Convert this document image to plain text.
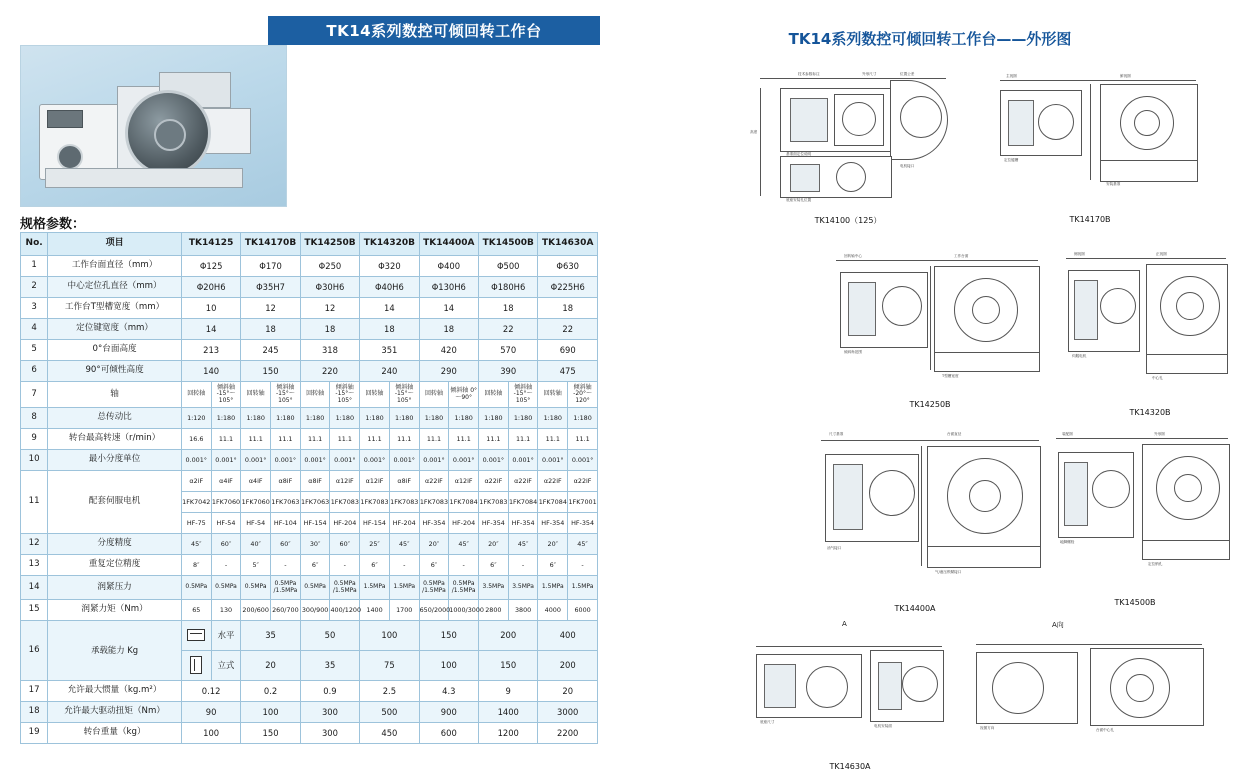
TK14系列数控可倾回转工作台
规格参数：
No.	项目	TK14125		TK14170B		TK14250B		TK14320B		TK14400A		TK14500B		TK14630A	
1	工作台面直径（mm）	Φ125		Φ170		Φ250		Φ320		Φ400		Φ500		Φ630	
2	中心定位孔直径（mm）	Φ20H6		Φ35H7		Φ30H6		Φ40H6		Φ130H6		Φ180H6		Φ225H6	
3	工作台T型槽宽度（mm）	10		12		12		14		14		18		18	
4	定位键宽度（mm）	14		18		18		18		18		22		22	
5	0°台面高度	213		245		318		351		420		570		690	
6	90°可倾性高度	140		150		220		240		290		390		475	
7	轴	回转轴	倾斜轴 -15°～105°	回转轴	倾斜轴 -15°～105°	回转轴	倾斜轴 -15°～105°	回转轴	倾斜轴 -15°～105°	回转轴	倾斜轴 0°～90°	回转轴	倾斜轴 -15°～105°	回转轴	倾斜轴 -20°～120°
8	总传动比	1:120	1:180	1:180	1:180	1:180	1:180	1:180	1:180	1:180	1:180	1:180	1:180	1:180	1:180
9	转台最高转速（r/min）	16.6	11.1	11.1	11.1	11.1	11.1	11.1	11.1	11.1	11.1	11.1	11.1	11.1	11.1
10	最小分度单位	0.001°	0.001°	0.001°	0.001°	0.001°	0.001°	0.001°	0.001°	0.001°	0.001°	0.001°	0.001°	0.001°	0.001°
11	配套伺服电机	α2iF	α4iF	α4iF	α8iF	α8iF	α12iF	α12iF	α8iF	α22iF	α12iF	α22iF	α22iF	α22iF	α22iF
		1FK7042	1FK7060	1FK7060	1FK7063	1FK7063	1FK7083	1FK7083	1FK7083	1FK7083	1FK7084	1FK7083	1FK7084	1FK7084	1FK7001
		HF-75	HF-54	HF-54	HF-104	HF-154	HF-204	HF-154	HF-204	HF-354	HF-204	HF-354	HF-354	HF-354	HF-354
12	分度精度	45″	60″	40″	60″	30″	60″	25″	45″	20″	45″	20″	45″	20″	45″
13	重复定位精度	8″	-	5″	-	6″	-	6″	-	6″	-	6″	-	6″	-
14	润紧压力	0.5MPa	0.5MPa	0.5MPa	0.5MPa /1.5MPa	0.5MPa	0.5MPa /1.5MPa	1.5MPa	1.5MPa	0.5MPa /1.5MPa	0.5MPa /1.5MPa	3.5MPa	3.5MPa	1.5MPa	1.5MPa
15	润紧力矩（Nm）	65	130	200/600	260/700	300/900	400/1200	1400	1700	650/2000	1000/3000	2800	3800	4000	6000
16	承载能力 Kg		水平	35		50		100		150		200		400	
			立式	20		35		75		100		150		200	
17	允许最大惯量（kg.m²）	0.12		0.2		0.9		2.5		4.3		9		20	
18	允许最大驱动扭矩（Nm）	90		100		300		500		900		1400		3000	
19	转台重量（kg）	100		150		300		450		600		1200		2200	
TK14系列数控可倾回转工作台——外形图
技术参数标注	外形尺寸	位置公差
基准面定位说明
底座安装孔位置
电机接口
高度
TK14100（125）
主视图	俯视图
定位键槽
安装基准
TK14170B
回转轴中心	工作台面
倾斜角范围
T型槽宽度
TK14250B
侧视图	正视图
伺服电机
中心孔
TK14320B
尺寸基准	台面直径
油气接口
气/液压锁紧接口
TK14400A
装配图	外形图
地脚螺栓
定位销孔
TK14500B
A	A向
底座尺寸
电机安装面	视图方向	台面中心孔
TK14630A
